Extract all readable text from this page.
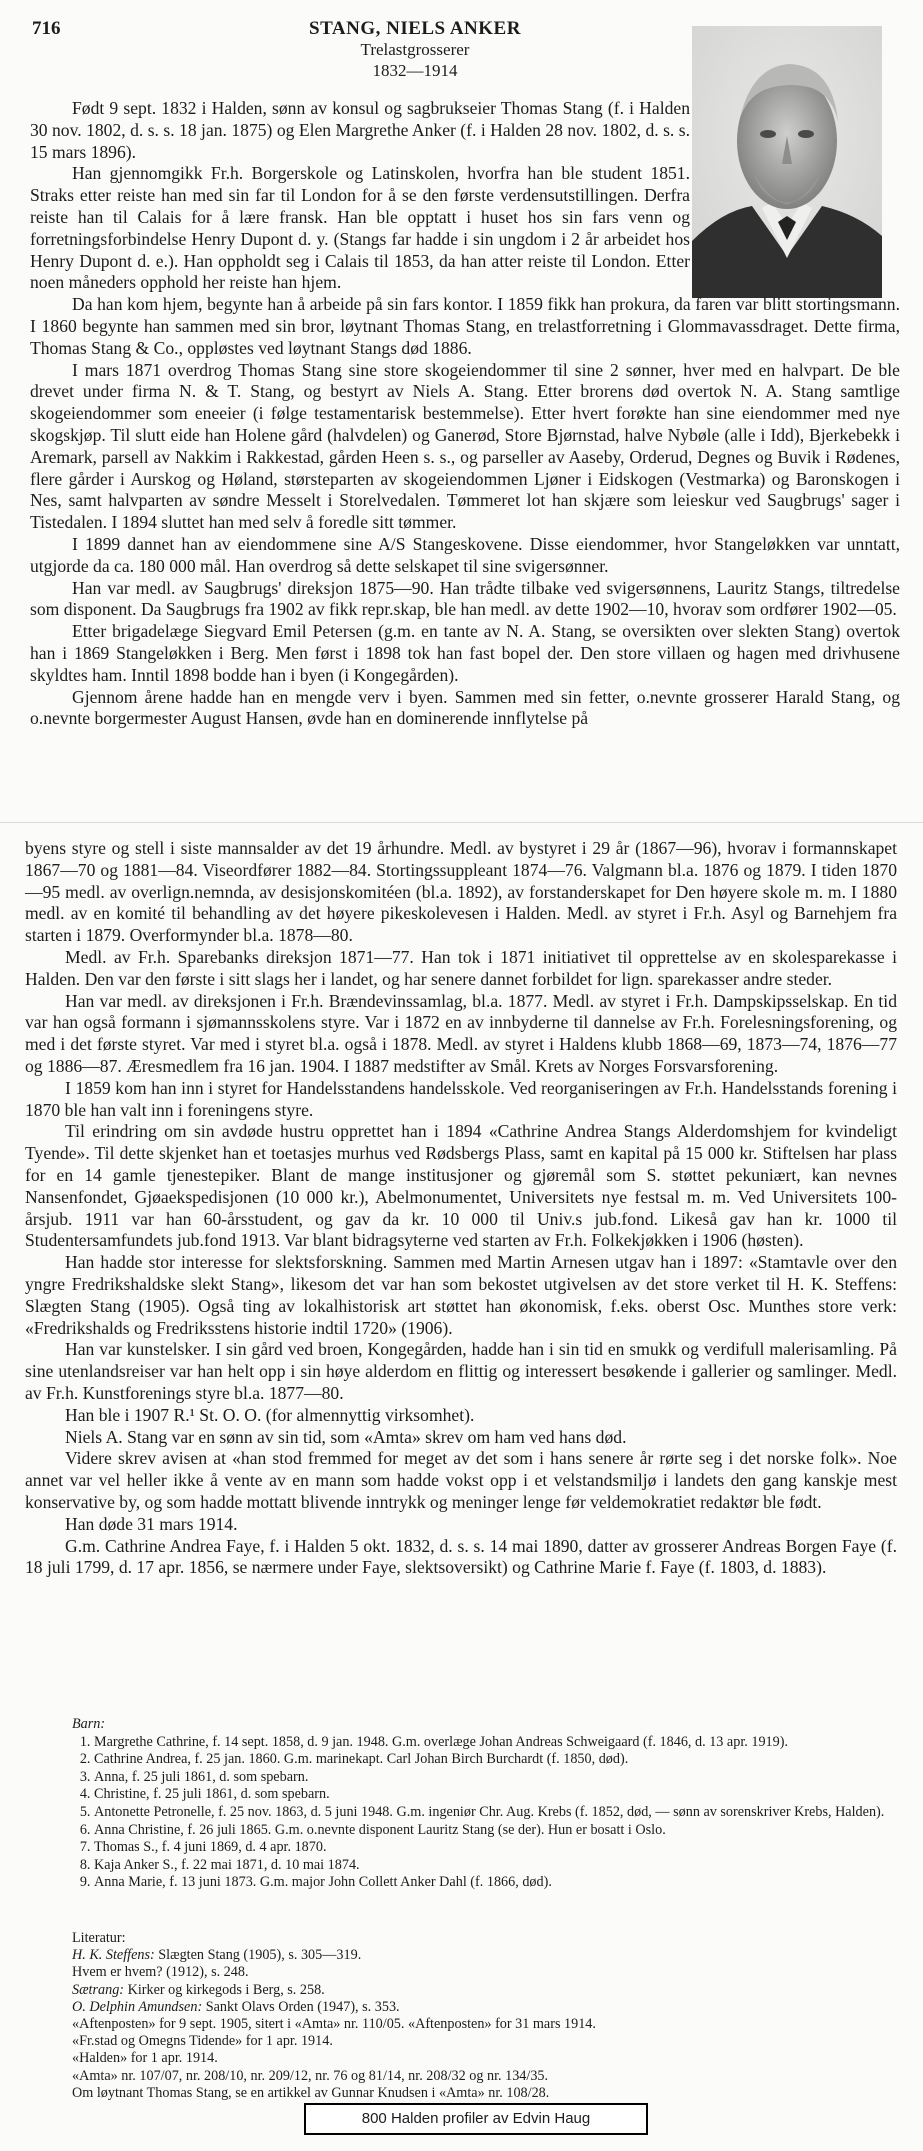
716	STANG, NIELS ANKER
Trelastgrosserer
1832—1914

Født 9 sept. 1832 i Halden, sønn av konsul og sagbrukseier Thomas Stang (f. i Halden 30 nov. 1802, d. s. s. 18 jan. 1875) og Elen Margrethe Anker (f. i Halden 28 nov. 1802, d. s. s. 15 mars 1896).

Han gjennomgikk Fr.h. Borgerskole og Latinskolen, hvorfra han ble student 1851. Straks etter reiste han med sin far til London for å se den første verdensutstillingen. Derfra reiste han til Calais for å lære fransk. Han ble opptatt i huset hos sin fars venn og forretningsforbindelse Henry Dupont d. y. (Stangs far hadde i sin ungdom i 2 år arbeidet hos Henry Dupont d. e.). Han oppholdt seg i Calais til 1853, da han atter reiste til London. Etter noen måneders opphold her reiste han hjem.

Da han kom hjem, begynte han å arbeide på sin fars kontor. I 1859 fikk han prokura, da faren var blitt stortingsmann. I 1860 begynte han sammen med sin bror, løytnant Thomas Stang, en trelastforretning i Glommavassdraget. Dette firma, Thomas Stang & Co., oppløstes ved løytnant Stangs død 1886.

I mars 1871 overdrog Thomas Stang sine store skogeiendommer til sine 2 sønner, hver med en halvpart. De ble drevet under firma N. & T. Stang, og bestyrt av Niels A. Stang. Etter brorens død overtok N. A. Stang samtlige skogeiendommer som eneeier (i følge testamentarisk bestemmelse). Etter hvert forøkte han sine eiendommer med nye skogskjøp. Til slutt eide han Holene gård (halvdelen) og Ganerød, Store Bjørnstad, halve Nybøle (alle i Idd), Bjerkebekk i Aremark, parsell av Nakkim i Rakkestad, gården Heen s. s., og parseller av Aaseby, Orderud, Degnes og Buvik i Rødenes, flere gårder i Aurskog og Høland, størsteparten av skogeiendommen Ljøner i Eidskogen (Vestmarka) og Baronskogen i Nes, samt halvparten av søndre Messelt i Storelvedalen. Tømmeret lot han skjære som leieskur ved Saugbrugs' sager i Tistedalen. I 1894 sluttet han med selv å foredle sitt tømmer.

I 1899 dannet han av eiendommene sine A/S Stangeskovene. Disse eiendommer, hvor Stangeløkken var unntatt, utgjorde da ca. 180 000 mål. Han overdrog så dette selskapet til sine svigersønner.

Han var medl. av Saugbrugs' direksjon 1875—90. Han trådte tilbake ved svigersønnens, Lauritz Stangs, tiltredelse som disponent. Da Saugbrugs fra 1902 av fikk repr.skap, ble han medl. av dette 1902—10, hvorav som ordfører 1902—05.

Etter brigadelæge Siegvard Emil Petersen (g.m. en tante av N. A. Stang, se oversikten over slekten Stang) overtok han i 1869 Stangeløkken i Berg. Men først i 1898 tok han fast bopel der. Den store villaen og hagen med drivhusene skyldtes ham. Inntil 1898 bodde han i byen (i Kongegården).

Gjennom årene hadde han en mengde verv i byen. Sammen med sin fetter, o.nevnte grosserer Harald Stang, og o.nevnte borgermester August Hansen, øvde han en dominerende innflytelse på

byens styre og stell i siste mannsalder av det 19 århundre. Medl. av bystyret i 29 år (1867—96), hvorav i formannskapet 1867—70 og 1881—84. Viseordfører 1882—84. Stortingssuppleant 1874—76. Valgmann bl.a. 1876 og 1879. I tiden 1870—95 medl. av overlign.nemnda, av desisjonskomitéen (bl.a. 1892), av forstanderskapet for Den høyere skole m. m. I 1880 medl. av en komité til behandling av det høyere pikeskolevesen i Halden. Medl. av styret i Fr.h. Asyl og Barnehjem fra starten i 1879. Overformynder bl.a. 1878—80.

Medl. av Fr.h. Sparebanks direksjon 1871—77. Han tok i 1871 initiativet til opprettelse av en skolesparekasse i Halden. Den var den første i sitt slags her i landet, og har senere dannet forbildet for lign. sparekasser andre steder.

Han var medl. av direksjonen i Fr.h. Brændevinssamlag, bl.a. 1877. Medl. av styret i Fr.h. Dampskipsselskap. En tid var han også formann i sjømannsskolens styre. Var i 1872 en av innbyderne til dannelse av Fr.h. Forelesningsforening, og med i det første styret. Var med i styret bl.a. også i 1878. Medl. av styret i Haldens klubb 1868—69, 1873—74, 1876—77 og 1886—87. Æresmedlem fra 16 jan. 1904. I 1887 medstifter av Smål. Krets av Norges Forsvarsforening.

I 1859 kom han inn i styret for Handelsstandens handelsskole. Ved reorganiseringen av Fr.h. Handelsstands forening i 1870 ble han valt inn i foreningens styre.

Til erindring om sin avdøde hustru opprettet han i 1894 «Cathrine Andrea Stangs Alderdomshjem for kvindeligt Tyende». Til dette skjenket han et toetasjes murhus ved Rødsbergs Plass, samt en kapital på 15 000 kr. Stiftelsen har plass for en 14 gamle tjenestepiker. Blant de mange institusjoner og gjøremål som S. støttet pekuniært, kan nevnes Nansenfondet, Gjøaekspedisjonen (10 000 kr.), Abelmonumentet, Universitets nye festsal m. m. Ved Universitets 100-årsjub. 1911 var han 60-årsstudent, og gav da kr. 10 000 til Univ.s jub.fond. Likeså gav han kr. 1000 til Studentersamfundets jub.fond 1913. Var blant bidragsyterne ved starten av Fr.h. Folkekjøkken i 1906 (høsten).

Han hadde stor interesse for slektsforskning. Sammen med Martin Arnesen utgav han i 1897: «Stamtavle over den yngre Fredrikshaldske slekt Stang», likesom det var han som bekostet utgivelsen av det store verket til H. K. Steffens: Slægten Stang (1905). Også ting av lokalhistorisk art støttet han økonomisk, f.eks. oberst Osc. Munthes store verk: «Fredrikshalds og Fredriksstens historie indtil 1720» (1906).

Han var kunstelsker. I sin gård ved broen, Kongegården, hadde han i sin tid en smukk og verdifull malerisamling. På sine utenlandsreiser var han helt opp i sin høye alderdom en flittig og interessert besøkende i gallerier og samlinger. Medl. av Fr.h. Kunstforenings styre bl.a. 1877—80.

Han ble i 1907 R.¹ St. O. O. (for almennyttig virksomhet).

Niels A. Stang var en sønn av sin tid, som «Amta» skrev om ham ved hans død.

Videre skrev avisen at «han stod fremmed for meget av det som i hans senere år rørte seg i det norske folk». Noe annet var vel heller ikke å vente av en mann som hadde vokst opp i et velstandsmiljø i landets den gang kanskje mest konservative by, og som hadde mottatt blivende inntrykk og meninger lenge før veldemokratiet redaktør ble født.

Han døde 31 mars 1914.

G.m. Cathrine Andrea Faye, f. i Halden 5 okt. 1832, d. s. s. 14 mai 1890, datter av grosserer Andreas Borgen Faye (f. 18 juli 1799, d. 17 apr. 1856, se nærmere under Faye, slektsoversikt) og Cathrine Marie f. Faye (f. 1803, d. 1883).

Barn:
1. Margrethe Cathrine, f. 14 sept. 1858, d. 9 jan. 1948. G.m. overlæge Johan Andreas Schweigaard (f. 1846, d. 13 apr. 1919).
2. Cathrine Andrea, f. 25 jan. 1860. G.m. marinekapt. Carl Johan Birch Burchardt (f. 1850, død).
3. Anna, f. 25 juli 1861, d. som spebarn.
4. Christine, f. 25 juli 1861, d. som spebarn.
5. Antonette Petronelle, f. 25 nov. 1863, d. 5 juni 1948. G.m. ingeniør Chr. Aug. Krebs (f. 1852, død, — sønn av sorenskriver Krebs, Halden).
6. Anna Christine, f. 26 juli 1865. G.m. o.nevnte disponent Lauritz Stang (se der). Hun er bosatt i Oslo.
7. Thomas S., f. 4 juni 1869, d. 4 apr. 1870.
8. Kaja Anker S., f. 22 mai 1871, d. 10 mai 1874.
9. Anna Marie, f. 13 juni 1873. G.m. major John Collett Anker Dahl (f. 1866, død).
Literatur:
H. K. Steffens: Slægten Stang (1905), s. 305—319.
Hvem er hvem? (1912), s. 248.
Sætrang: Kirker og kirkegods i Berg, s. 258.
O. Delphin Amundsen: Sankt Olavs Orden (1947), s. 353.
«Aftenposten» for 9 sept. 1905, sitert i «Amta» nr. 110/05. «Aftenposten» for 31 mars 1914.
«Fr.stad og Omegns Tidende» for 1 apr. 1914.
«Halden» for 1 apr. 1914.
«Amta» nr. 107/07, nr. 208/10, nr. 209/12, nr. 76 og 81/14, nr. 208/32 og nr. 134/35.
Om løytnant Thomas Stang, se en artikkel av Gunnar Knudsen i «Amta» nr. 108/28.
800 Halden profiler av Edvin Haug
